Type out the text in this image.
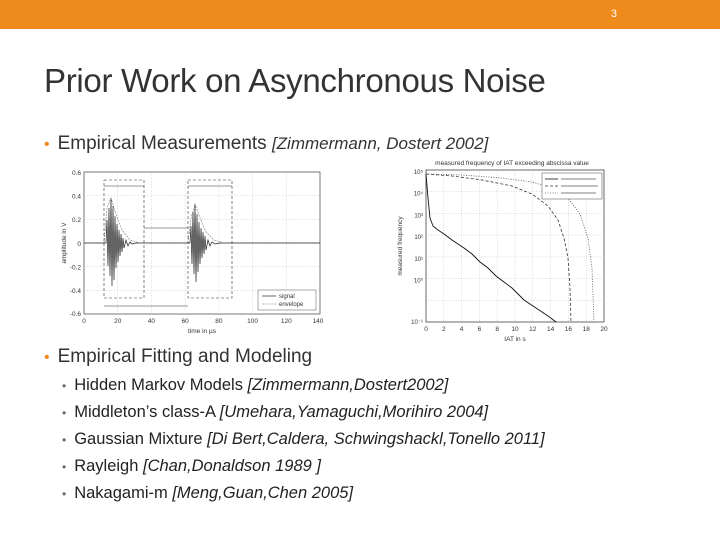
3
Prior Work on Asynchronous Noise
• Empirical Measurements [Zimmermann, Dostert 2002]
signal
envelope
0.6
0.4
0.2
0
-0.2
-0.4
-0.6
0	20	40	60	80	100	120	140
time in µs
amplitude in V
measured frequency of IAT exceeding abscissa value
10⁵
10⁴
10³
10²
10¹
10⁰
10⁻¹
0 2 4 6 8 10 12 14 16 18 20
IAT in s
measured frequency
• Empirical Fitting and Modeling
• Hidden Markov Models [Zimmermann,Dostert2002]
• Middleton’s class-A [Umehara,Yamaguchi,Morihiro 2004]
• Gaussian Mixture [Di Bert,Caldera, Schwingshackl,Tonello 2011]
• Rayleigh [Chan,Donaldson 1989 ]
• Nakagami-m [Meng,Guan,Chen 2005]
